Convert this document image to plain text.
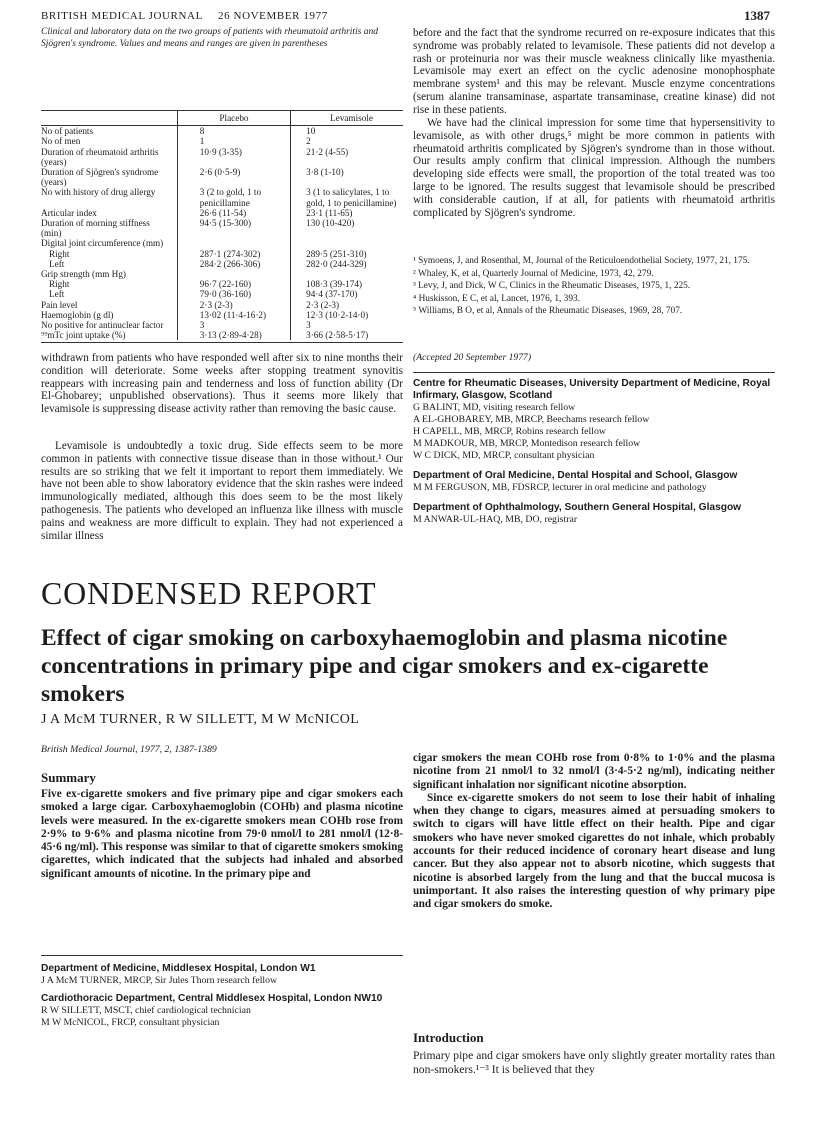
BRITISH MEDICAL JOURNAL 26 NOVEMBER 1977	1387
Clinical and laboratory data on the two groups of patients with rheumatoid arthritis and Sjögren's syndrome. Values and means and ranges are given in parentheses
	Placebo	Levamisole
No of patients	8	10
No of men	1	2
Duration of rheumatoid arthritis (years)	10·9 (3-35)	21·2 (4-55)
Duration of Sjögren's syndrome (years)	2·6 (0·5-9)	3·8 (1-10)
No with history of drug allergy	3 (2 to gold, 1 to penicillamine	3 (1 to salicylates, 1 to gold, 1 to penicillamine)
Articular index	26·6 (11-54)	23·1 (11-65)
Duration of morning stiffness (min)	94·5 (15-300)	130 (10-420)
Digital joint circumference (mm)		
Right	287·1 (274-302)	289·5 (251-310)
Left	284·2 (266-306)	282·0 (244-329)
Grip strength (mm Hg)		
Right	96·7 (22-160)	108·3 (39-174)
Left	79·0 (36-160)	94·4 (37-170)
Pain level	2·3 (2-3)	2·3 (2-3)
Haemoglobin (g dl)	13·02 (11·4-16·2)	12·3 (10·2-14·0)
No positive for antinuclear factor	3	3
⁹⁹mTc joint uptake (%)	3·13 (2·89-4·28)	3·66 (2·58-5·17)

withdrawn from patients who have responded well after six to nine months their condition will deteriorate. Some weeks after stopping treatment synovitis reappears with increasing pain and tenderness and loss of function ability (Dr El-Ghobarey; unpublished observations). Thus it seems more likely that levamisole is suppressing disease activity rather than removing the basic cause.

Levamisole is undoubtedly a toxic drug. Side effects seem to be more common in patients with connective tissue disease than in those without.¹ Our results are so striking that we felt it important to report them immediately. We have not been able to show laboratory evidence that the skin rashes were indeed immunologically mediated, although this does seem to be the most likely pathogenesis. The patients who developed an influenza like illness with muscle pains and weakness are more difficult to explain. They had not experienced a similar illness

before and the fact that the syndrome recurred on re-exposure indicates that this syndrome was probably related to levamisole. These patients did not develop a rash or proteinuria nor was their muscle weakness clinically like myasthenia. Levamisole may exert an effect on the cyclic adenosine monophosphate membrane system¹ and this may be relevant. Muscle enzyme concentrations (serum alanine transaminase, aspartate transaminase, creatine kinase) did not rise in these patients.

We have had the clinical impression for some time that hypersensitivity to levamisole, as with other drugs,⁵ might be more common in patients with rheumatoid arthritis complicated by Sjögren's syndrome than in those without. Our results amply confirm that clinical impression. Although the numbers developing side effects were small, the proportion of the total treated was too large to be ignored. The results suggest that levamisole should be prescribed with considerable caution, if at all, for patients with rheumatoid arthritis complicated by Sjögren's syndrome.

¹ Symoens, J, and Rosenthal, M, Journal of the Reticuloendothelial Society, 1977, 21, 175.
² Whaley, K, et al, Quarterly Journal of Medicine, 1973, 42, 279.
³ Levy, J, and Dick, W C, Clinics in the Rheumatic Diseases, 1975, 1, 225.
⁴ Huskisson, E C, et al, Lancet, 1976, 1, 393.
⁵ Williams, B O, et al, Annals of the Rheumatic Diseases, 1969, 28, 707.
(Accepted 20 September 1977)
Centre for Rheumatic Diseases, University Department of Medicine, Royal Infirmary, Glasgow, Scotland
G BALINT, MD, visiting research fellow
A EL-GHOBAREY, MB, MRCP, Beechams research fellow
H CAPELL, MB, MRCP, Robins research fellow
M MADKOUR, MB, MRCP, Montedison research fellow
W C DICK, MD, MRCP, consultant physician
Department of Oral Medicine, Dental Hospital and School, Glasgow
M M FERGUSON, MB, FDSRCP, lecturer in oral medicine and pathology
Department of Ophthalmology, Southern General Hospital, Glasgow
M ANWAR-UL-HAQ, MB, DO, registrar
CONDENSED REPORT
Effect of cigar smoking on carboxyhaemoglobin and plasma nicotine concentrations in primary pipe and cigar smokers and ex-cigarette smokers
J A McM TURNER, R W SILLETT, M W McNICOL
British Medical Journal, 1977, 2, 1387-1389
Summary

Five ex-cigarette smokers and five primary pipe and cigar smokers each smoked a large cigar. Carboxyhaemoglobin (COHb) and plasma nicotine levels were measured. In the ex-cigarette smokers mean COHb rose from 2·9% to 9·6% and plasma nicotine from 79·0 nmol/l to 281 nmol/l (12·8-45·6 ng/ml). This response was similar to that of cigarette smokers smoking cigarettes, which indicated that the subjects had inhaled and absorbed significant amounts of nicotine. In the primary pipe and

cigar smokers the mean COHb rose from 0·8% to 1·0% and the plasma nicotine from 21 nmol/l to 32 nmol/l (3·4-5·2 ng/ml), indicating neither significant inhalation nor significant nicotine absorption.

Since ex-cigarette smokers do not seem to lose their habit of inhaling when they change to cigars, measures aimed at persuading smokers to switch to cigars will have little effect on their health. Pipe and cigar smokers who have never smoked cigarettes do not inhale, which probably accounts for their reduced incidence of coronary heart disease and lung cancer. But they also appear not to absorb nicotine, which suggests that nicotine is absorbed largely from the lung and that the buccal mucosa is unimportant. It also raises the interesting question of why primary pipe and cigar smokers do smoke.

Department of Medicine, Middlesex Hospital, London W1
J A McM TURNER, MRCP, Sir Jules Thorn research fellow
Cardiothoracic Department, Central Middlesex Hospital, London NW10
R W SILLETT, MSCT, chief cardiological technician
M W McNICOL, FRCP, consultant physician
Introduction

Primary pipe and cigar smokers have only slightly greater mortality rates than non-smokers.¹⁻³ It is believed that they
